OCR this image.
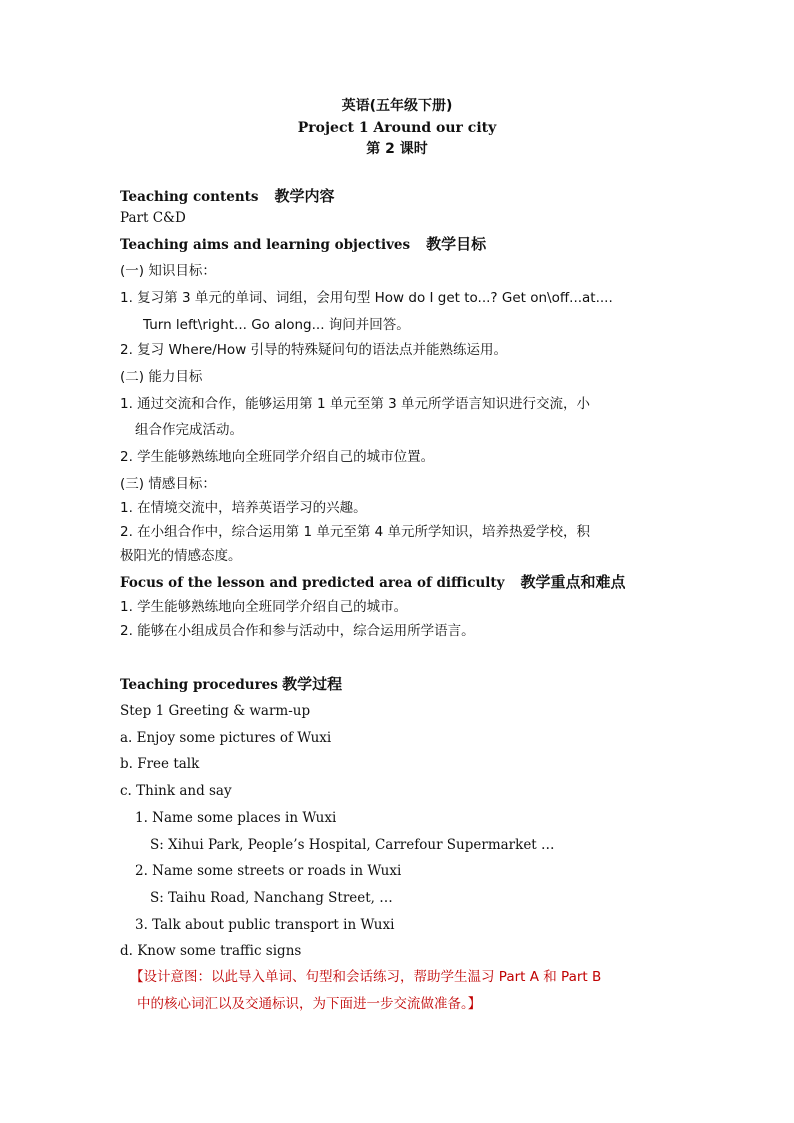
英语(五年级下册)
Project 1 Around our city
第 2 课时
Teaching contents 教学内容
Part C&D
Teaching aims and learning objectives 教学目标
(一) 知识目标：
1. 复习第 3 单元的单词、词组，会用句型 How do I get to...? Get on\off...at....
Turn left\right... Go along... 询问并回答。
2. 复习 Where/How 引导的特殊疑问句的语法点并能熟练运用。
(二) 能力目标
1. 通过交流和合作，能够运用第 1 单元至第 3 单元所学语言知识进行交流，小
组合作完成活动。
2. 学生能够熟练地向全班同学介绍自己的城市位置。
(三) 情感目标：
1. 在情境交流中，培养英语学习的兴趣。
2. 在小组合作中，综合运用第 1 单元至第 4 单元所学知识，培养热爱学校，积
极阳光的情感态度。
Focus of the lesson and predicted area of difficulty 教学重点和难点
1. 学生能够熟练地向全班同学介绍自己的城市。
2. 能够在小组成员合作和参与活动中，综合运用所学语言。
Teaching procedures 教学过程
Step 1 Greeting & warm-up
a. Enjoy some pictures of Wuxi
b. Free talk
c. Think and say
1. Name some places in Wuxi
S: Xihui Park, People’s Hospital, Carrefour Supermarket …
2. Name some streets or roads in Wuxi
S: Taihu Road, Nanchang Street, …
3. Talk about public transport in Wuxi
d. Know some traffic signs
【设计意图：以此导入单词、句型和会话练习，帮助学生温习 Part A 和 Part B
中的核心词汇以及交通标识，为下面进一步交流做准备。】
